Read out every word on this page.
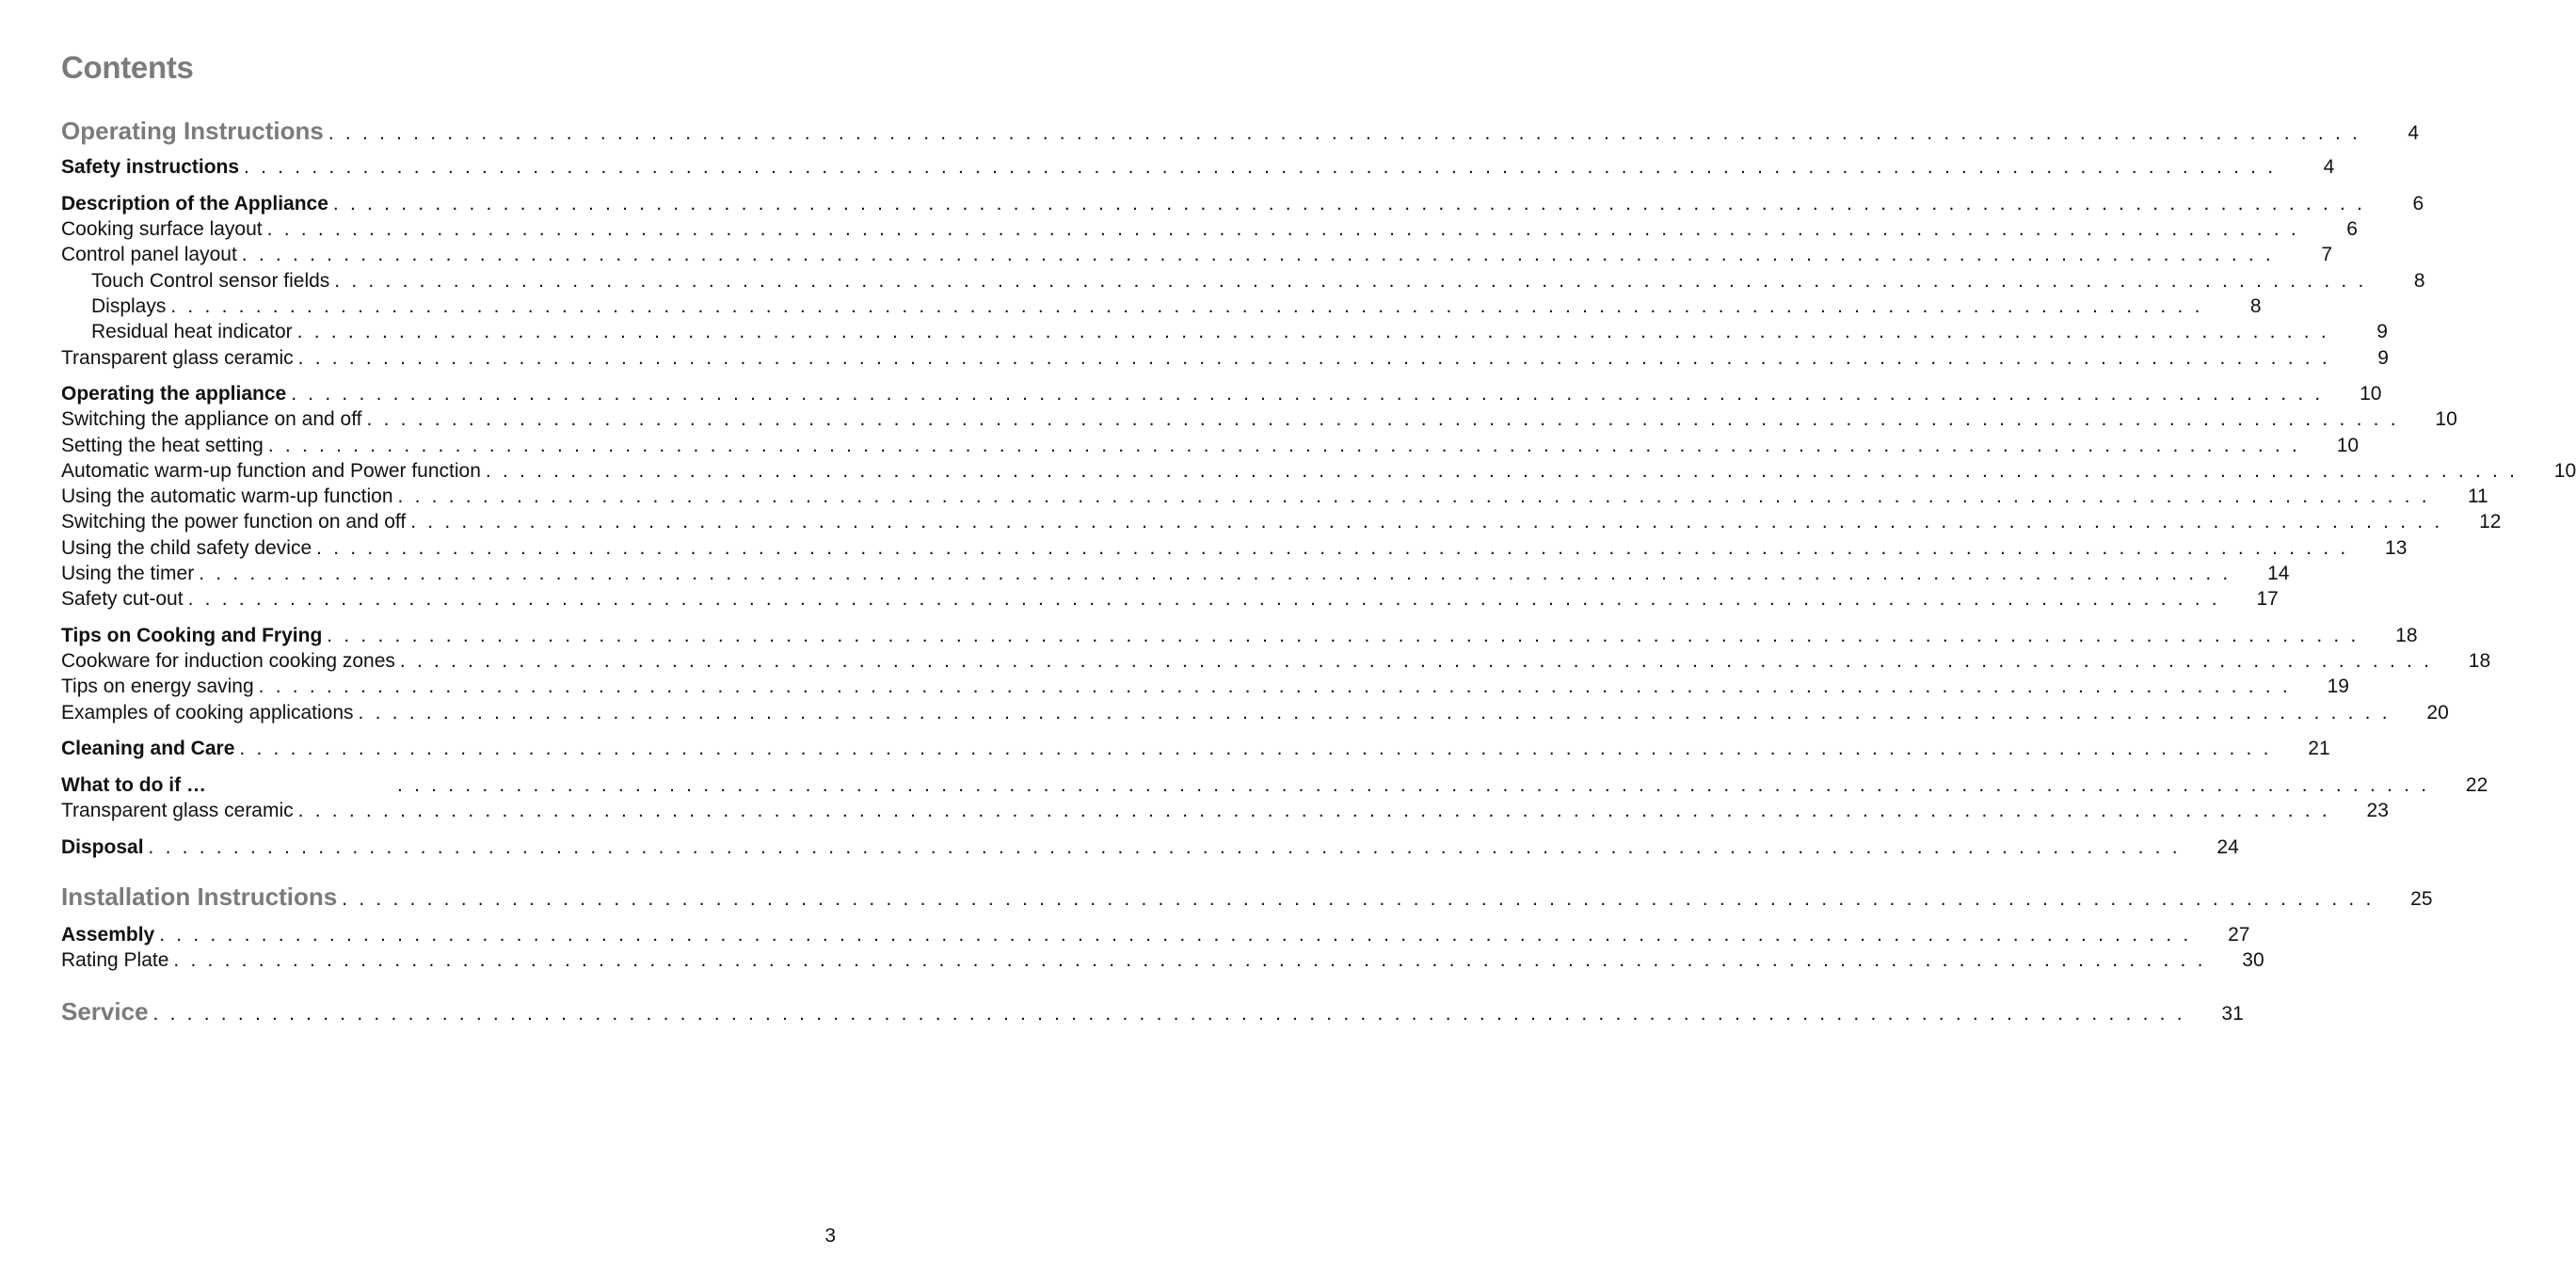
Contents
Operating Instructions . . . . . . . . . . . . . . . . . . . . . . . . . . . . . . . . . . . . . . . . . . . . . . . . . . . . . . . . . . . . . . . . . . . . . . . . . . . . . . . . . . . . . . . . . . . . . . . . . . . . . . . . . . . . . . . . . . . . . . . .	4
Safety instructions . . . . . . . . . . . . . . . . . . . . . . . . . . . . . . . . . . . . . . . . . . . . . . . . . . . . . . . . . . . . . . . . . . . . . . . . . . . . . . . . . . . . . . . . . . . . . . . . . . . . . . . . . . . . . . . . . . . . . . . .	4
Description of the Appliance . . . . . . . . . . . . . . . . . . . . . . . . . . . . . . . . . . . . . . . . . . . . . . . . . . . . . . . . . . . . . . . . . . . . . . . . . . . . . . . . . . . . . . . . . . . . . . . . . . . . . . . . . . . . . . . . . . . . . . . .	6
Cooking surface layout . . . . . . . . . . . . . . . . . . . . . . . . . . . . . . . . . . . . . . . . . . . . . . . . . . . . . . . . . . . . . . . . . . . . . . . . . . . . . . . . . . . . . . . . . . . . . . . . . . . . . . . . . . . . . . . . . . . . . . . .	6
Control panel layout . . . . . . . . . . . . . . . . . . . . . . . . . . . . . . . . . . . . . . . . . . . . . . . . . . . . . . . . . . . . . . . . . . . . . . . . . . . . . . . . . . . . . . . . . . . . . . . . . . . . . . . . . . . . . . . . . . . . . . . .	7
Touch Control sensor fields . . . . . . . . . . . . . . . . . . . . . . . . . . . . . . . . . . . . . . . . . . . . . . . . . . . . . . . . . . . . . . . . . . . . . . . . . . . . . . . . . . . . . . . . . . . . . . . . . . . . . . . . . . . . . . . . . . . . . . . .	8
Displays . . . . . . . . . . . . . . . . . . . . . . . . . . . . . . . . . . . . . . . . . . . . . . . . . . . . . . . . . . . . . . . . . . . . . . . . . . . . . . . . . . . . . . . . . . . . . . . . . . . . . . . . . . . . . . . . . . . . . . . .	8
Residual heat indicator . . . . . . . . . . . . . . . . . . . . . . . . . . . . . . . . . . . . . . . . . . . . . . . . . . . . . . . . . . . . . . . . . . . . . . . . . . . . . . . . . . . . . . . . . . . . . . . . . . . . . . . . . . . . . . . . . . . . . . . .	9
Transparent glass ceramic . . . . . . . . . . . . . . . . . . . . . . . . . . . . . . . . . . . . . . . . . . . . . . . . . . . . . . . . . . . . . . . . . . . . . . . . . . . . . . . . . . . . . . . . . . . . . . . . . . . . . . . . . . . . . . . . . . . . . . . .	9
Operating the appliance . . . . . . . . . . . . . . . . . . . . . . . . . . . . . . . . . . . . . . . . . . . . . . . . . . . . . . . . . . . . . . . . . . . . . . . . . . . . . . . . . . . . . . . . . . . . . . . . . . . . . . . . . . . . . . . . . . . . . . . . 10
Switching the appliance on and off . . . . . . . . . . . . . . . . . . . . . . . . . . . . . . . . . . . . . . . . . . . . . . . . . . . . . . . . . . . . . . . . . . . . . . . . . . . . . . . . . . . . . . . . . . . . . . . . . . . . . . . . . . . . . . . . . . . . . . . . 10
Setting the heat setting . . . . . . . . . . . . . . . . . . . . . . . . . . . . . . . . . . . . . . . . . . . . . . . . . . . . . . . . . . . . . . . . . . . . . . . . . . . . . . . . . . . . . . . . . . . . . . . . . . . . . . . . . . . . . . . . . . . . . . . . 10
Automatic warm-up function and Power function . . . . . . . . . . . . . . . . . . . . . . . . . . . . . . . . . . . . . . . . . . . . . . . . . . . . . . . . . . . . . . . . . . . . . . . . . . . . . . . . . . . . . . . . . . . . . . . . . . . . . . . . . . . . . . . . . . . . . . . . 10
Using the automatic warm-up function . . . . . . . . . . . . . . . . . . . . . . . . . . . . . . . . . . . . . . . . . . . . . . . . . . . . . . . . . . . . . . . . . . . . . . . . . . . . . . . . . . . . . . . . . . . . . . . . . . . . . . . . . . . . . . . . . . . . . . . . 11
Switching the power function on and off . . . . . . . . . . . . . . . . . . . . . . . . . . . . . . . . . . . . . . . . . . . . . . . . . . . . . . . . . . . . . . . . . . . . . . . . . . . . . . . . . . . . . . . . . . . . . . . . . . . . . . . . . . . . . . . . . . . . . . . . 12
Using the child safety device . . . . . . . . . . . . . . . . . . . . . . . . . . . . . . . . . . . . . . . . . . . . . . . . . . . . . . . . . . . . . . . . . . . . . . . . . . . . . . . . . . . . . . . . . . . . . . . . . . . . . . . . . . . . . . . . . . . . . . . . 13
Using the timer . . . . . . . . . . . . . . . . . . . . . . . . . . . . . . . . . . . . . . . . . . . . . . . . . . . . . . . . . . . . . . . . . . . . . . . . . . . . . . . . . . . . . . . . . . . . . . . . . . . . . . . . . . . . . . . . . . . . . . . . 14
Safety cut-out . . . . . . . . . . . . . . . . . . . . . . . . . . . . . . . . . . . . . . . . . . . . . . . . . . . . . . . . . . . . . . . . . . . . . . . . . . . . . . . . . . . . . . . . . . . . . . . . . . . . . . . . . . . . . . . . . . . . . . . . 17
Tips on Cooking and Frying . . . . . . . . . . . . . . . . . . . . . . . . . . . . . . . . . . . . . . . . . . . . . . . . . . . . . . . . . . . . . . . . . . . . . . . . . . . . . . . . . . . . . . . . . . . . . . . . . . . . . . . . . . . . . . . . . . . . . . . . 18
Cookware for induction cooking zones . . . . . . . . . . . . . . . . . . . . . . . . . . . . . . . . . . . . . . . . . . . . . . . . . . . . . . . . . . . . . . . . . . . . . . . . . . . . . . . . . . . . . . . . . . . . . . . . . . . . . . . . . . . . . . . . . . . . . . . . 18
Tips on energy saving . . . . . . . . . . . . . . . . . . . . . . . . . . . . . . . . . . . . . . . . . . . . . . . . . . . . . . . . . . . . . . . . . . . . . . . . . . . . . . . . . . . . . . . . . . . . . . . . . . . . . . . . . . . . . . . . . . . . . . . . 19
Examples of cooking applications . . . . . . . . . . . . . . . . . . . . . . . . . . . . . . . . . . . . . . . . . . . . . . . . . . . . . . . . . . . . . . . . . . . . . . . . . . . . . . . . . . . . . . . . . . . . . . . . . . . . . . . . . . . . . . . . . . . . . . . . 20
Cleaning and Care . . . . . . . . . . . . . . . . . . . . . . . . . . . . . . . . . . . . . . . . . . . . . . . . . . . . . . . . . . . . . . . . . . . . . . . . . . . . . . . . . . . . . . . . . . . . . . . . . . . . . . . . . . . . . . . . . . . . . . . . 21
What to do if …	. . . . . . . . . . . . . . . . . . . . . . . . . . . . . . . . . . . . . . . . . . . . . . . . . . . . . . . . . . . . . . . . . . . . . . . . . . . . . . . . . . . . . . . . . . . . . . . . . . . . . . . . . . . . . . . . . . . . . . . . 22
Transparent glass ceramic . . . . . . . . . . . . . . . . . . . . . . . . . . . . . . . . . . . . . . . . . . . . . . . . . . . . . . . . . . . . . . . . . . . . . . . . . . . . . . . . . . . . . . . . . . . . . . . . . . . . . . . . . . . . . . . . . . . . . . . . 23
Disposal . . . . . . . . . . . . . . . . . . . . . . . . . . . . . . . . . . . . . . . . . . . . . . . . . . . . . . . . . . . . . . . . . . . . . . . . . . . . . . . . . . . . . . . . . . . . . . . . . . . . . . . . . . . . . . . . . . . . . . . . 24
Installation Instructions . . . . . . . . . . . . . . . . . . . . . . . . . . . . . . . . . . . . . . . . . . . . . . . . . . . . . . . . . . . . . . . . . . . . . . . . . . . . . . . . . . . . . . . . . . . . . . . . . . . . . . . . . . . . . . . . . . . . . . . . 25
Assembly . . . . . . . . . . . . . . . . . . . . . . . . . . . . . . . . . . . . . . . . . . . . . . . . . . . . . . . . . . . . . . . . . . . . . . . . . . . . . . . . . . . . . . . . . . . . . . . . . . . . . . . . . . . . . . . . . . . . . . . . 27
Rating Plate . . . . . . . . . . . . . . . . . . . . . . . . . . . . . . . . . . . . . . . . . . . . . . . . . . . . . . . . . . . . . . . . . . . . . . . . . . . . . . . . . . . . . . . . . . . . . . . . . . . . . . . . . . . . . . . . . . . . . . . . 30
Service . . . . . . . . . . . . . . . . . . . . . . . . . . . . . . . . . . . . . . . . . . . . . . . . . . . . . . . . . . . . . . . . . . . . . . . . . . . . . . . . . . . . . . . . . . . . . . . . . . . . . . . . . . . . . . . . . . . . . . . . 31
3
